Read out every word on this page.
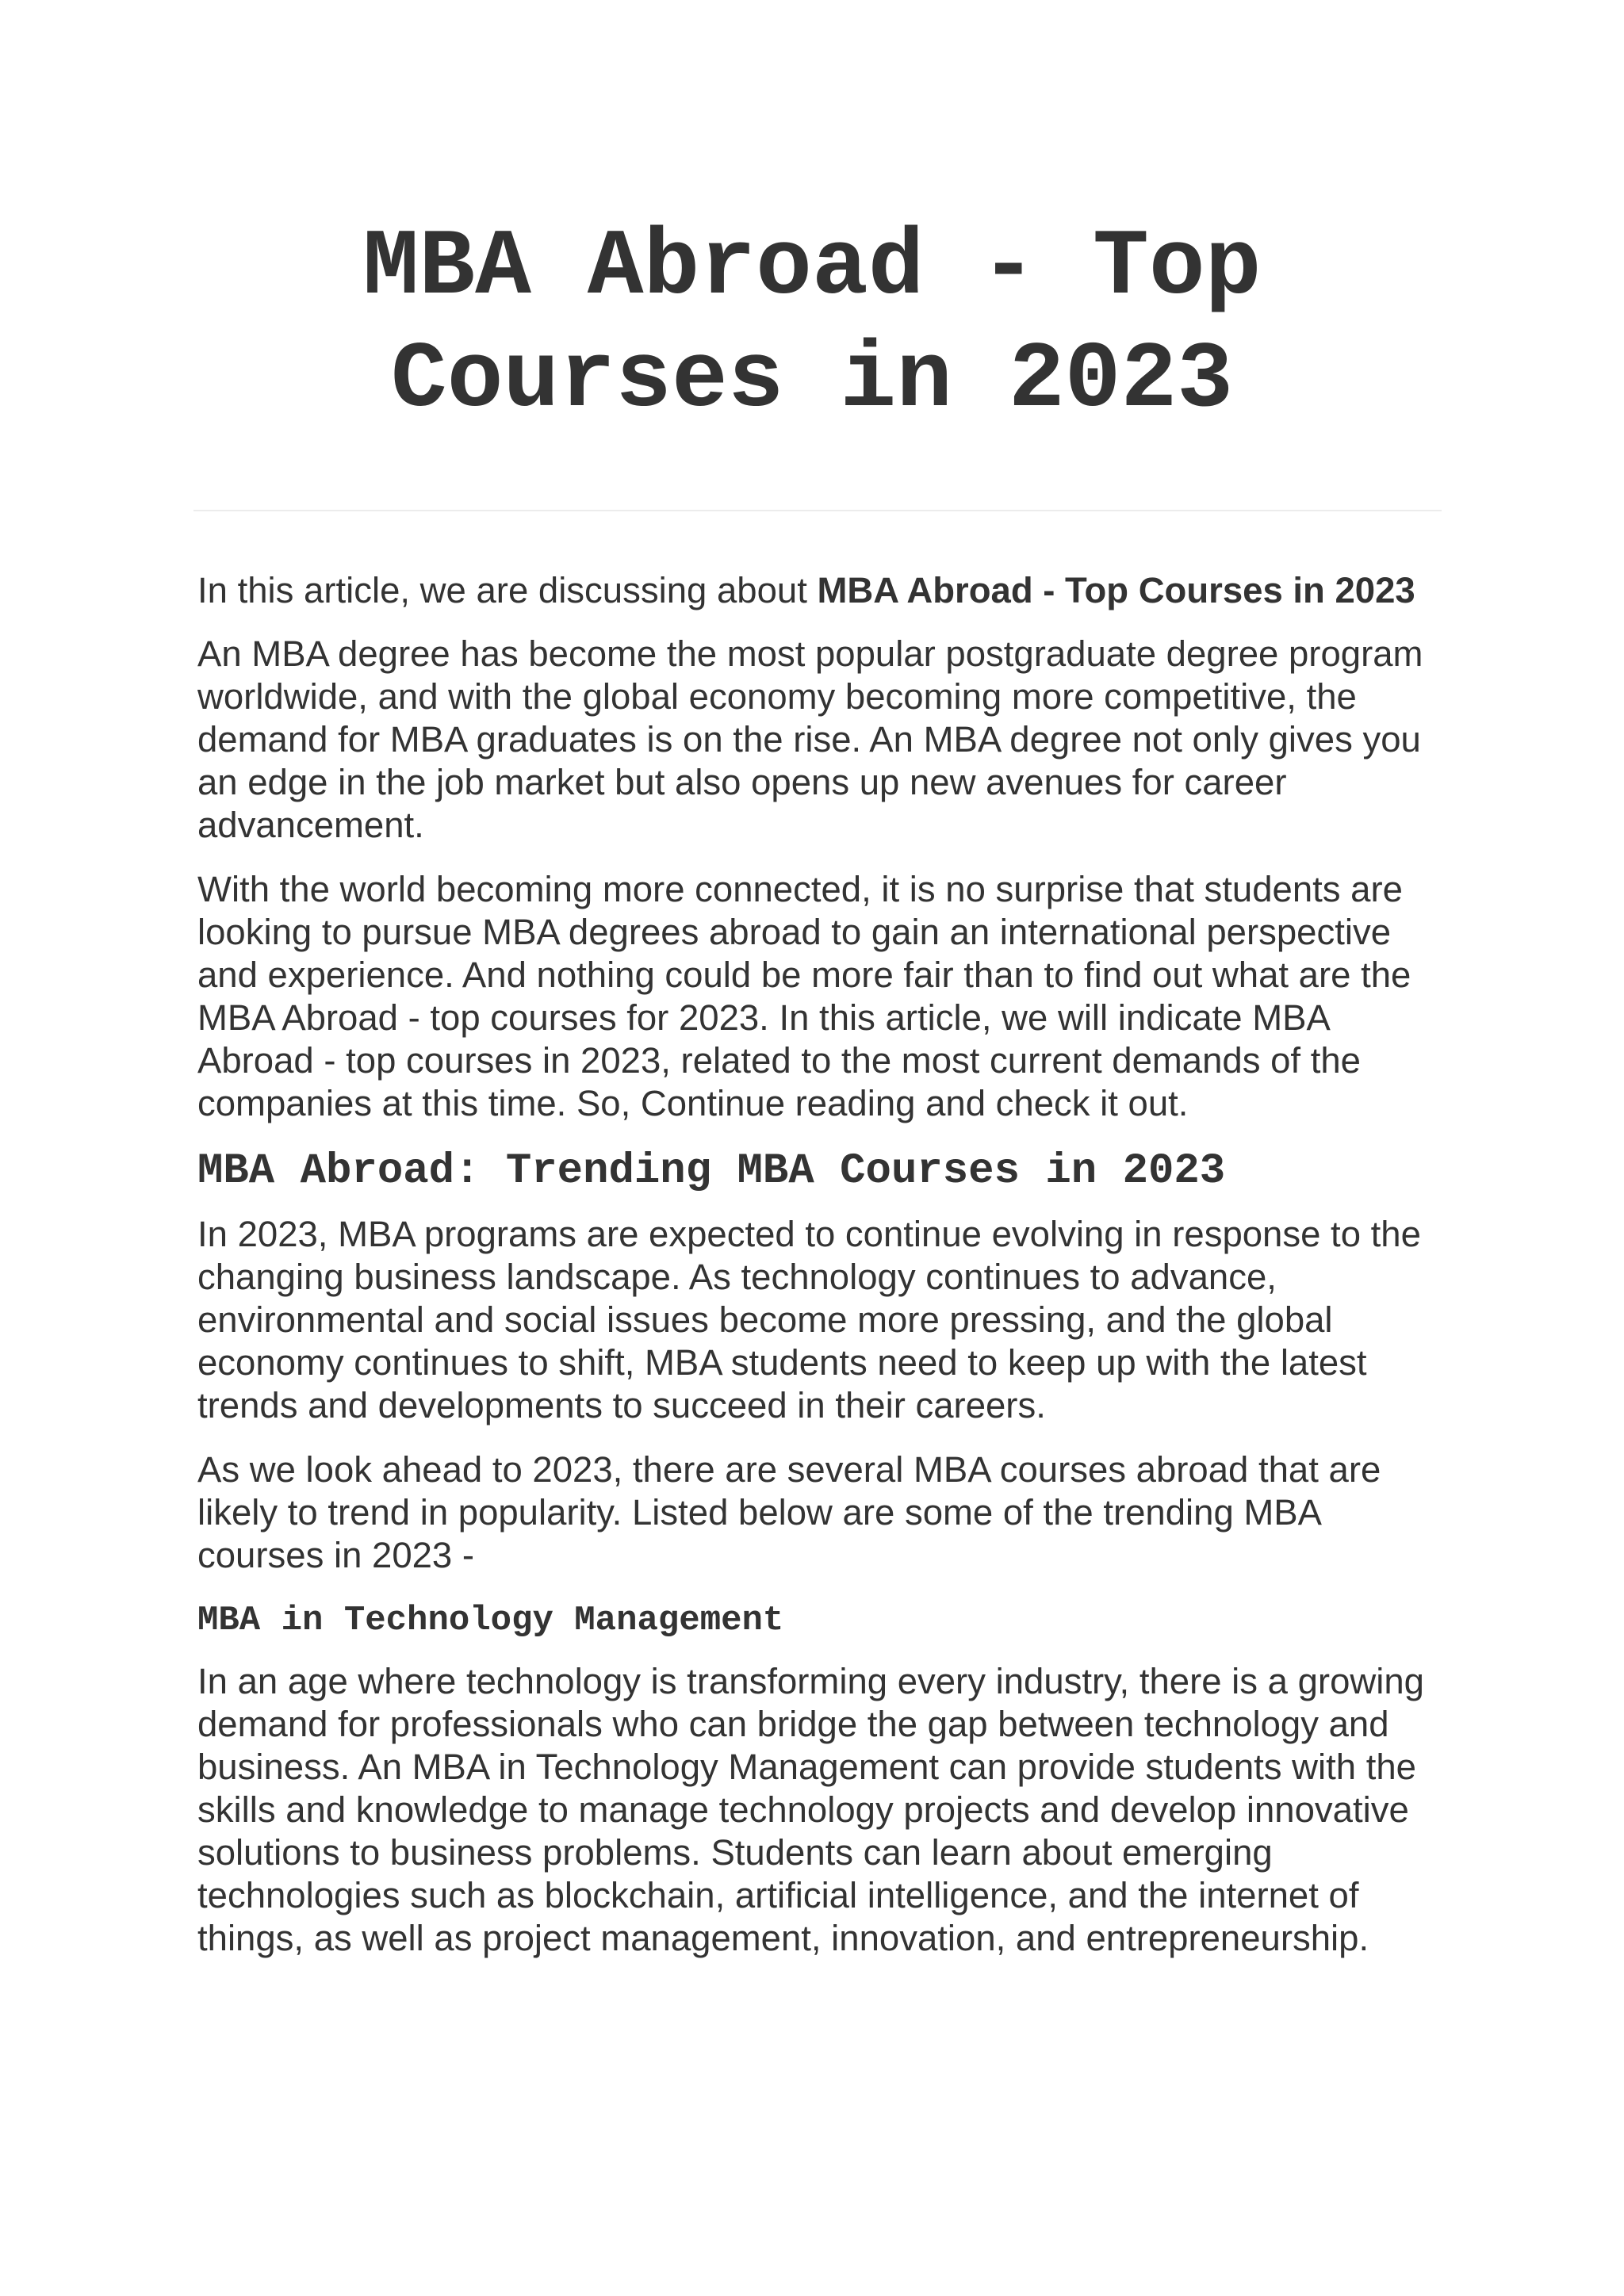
MBA Abroad - Top Courses in 2023

In this article, we are discussing about MBA Abroad - Top Courses in 2023

An MBA degree has become the most popular postgraduate degree program worldwide, and with the global economy becoming more competitive, the demand for MBA graduates is on the rise. An MBA degree not only gives you an edge in the job market but also opens up new avenues for career advancement.

With the world becoming more connected, it is no surprise that students are looking to pursue MBA degrees abroad to gain an international perspective and experience. And nothing could be more fair than to find out what are the MBA Abroad - top courses for 2023. In this article, we will indicate MBA Abroad - top courses in 2023, related to the most current demands of the companies at this time. So, Continue reading and check it out.

MBA Abroad: Trending MBA Courses in 2023

In 2023, MBA programs are expected to continue evolving in response to the changing business landscape. As technology continues to advance, environmental and social issues become more pressing, and the global economy continues to shift, MBA students need to keep up with the latest trends and developments to succeed in their careers.

As we look ahead to 2023, there are several MBA courses abroad that are likely to trend in popularity. Listed below are some of the trending MBA courses in 2023 -

MBA in Technology Management

In an age where technology is transforming every industry, there is a growing demand for professionals who can bridge the gap between technology and business. An MBA in Technology Management can provide students with the skills and knowledge to manage technology projects and develop innovative solutions to business problems. Students can learn about emerging technologies such as blockchain, artificial intelligence, and the internet of things, as well as project management, innovation, and entrepreneurship.
